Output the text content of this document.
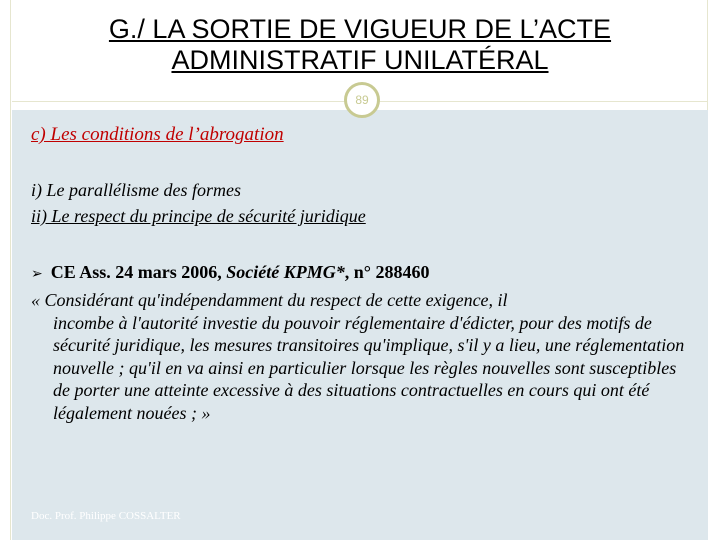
G./ LA SORTIE DE VIGUEUR DE L’ACTE
ADMINISTRATIF UNILATÉRAL
89
c) Les conditions de l’abrogation
i) Le parallélisme des formes
ii) Le respect du principe de sécurité juridique
➢ CE Ass. 24 mars 2006, Société KPMG*, n° 288460
« Considérant qu'indépendamment du respect de cette exigence, il
incombe à l'autorité investie du pouvoir réglementaire d'édicter, pour des motifs de sécurité juridique, les mesures transitoires qu'implique, s'il y a lieu, une réglementation nouvelle ; qu'il en va ainsi en particulier lorsque les règles nouvelles sont susceptibles de porter une atteinte excessive à des situations contractuelles en cours qui ont été légalement nouées ; »
Doc. Prof. Philippe COSSALTER
